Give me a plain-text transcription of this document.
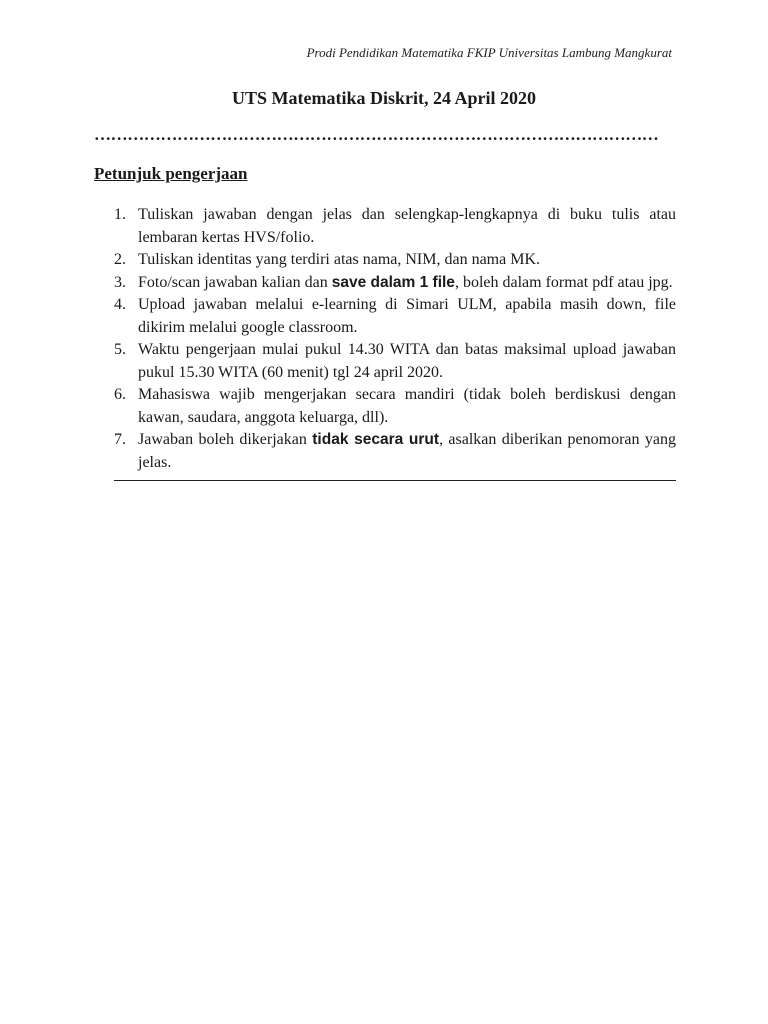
Prodi Pendidikan Matematika FKIP Universitas Lambung Mangkurat
UTS Matematika Diskrit, 24 April 2020
…………………………………………………………………………………………
Petunjuk pengerjaan
1. Tuliskan jawaban dengan jelas dan selengkap-lengkapnya di buku tulis atau lembaran kertas HVS/folio.
2. Tuliskan identitas yang terdiri atas nama, NIM, dan nama MK.
3. Foto/scan jawaban kalian dan save dalam 1 file, boleh dalam format pdf atau jpg.
4. Upload jawaban melalui e-learning di Simari ULM, apabila masih down, file dikirim melalui google classroom.
5. Waktu pengerjaan mulai pukul 14.30 WITA dan batas maksimal upload jawaban pukul 15.30 WITA (60 menit) tgl 24 april 2020.
6. Mahasiswa wajib mengerjakan secara mandiri (tidak boleh berdiskusi dengan kawan, saudara, anggota keluarga, dll).
7. Jawaban boleh dikerjakan tidak secara urut, asalkan diberikan penomoran yang jelas.
